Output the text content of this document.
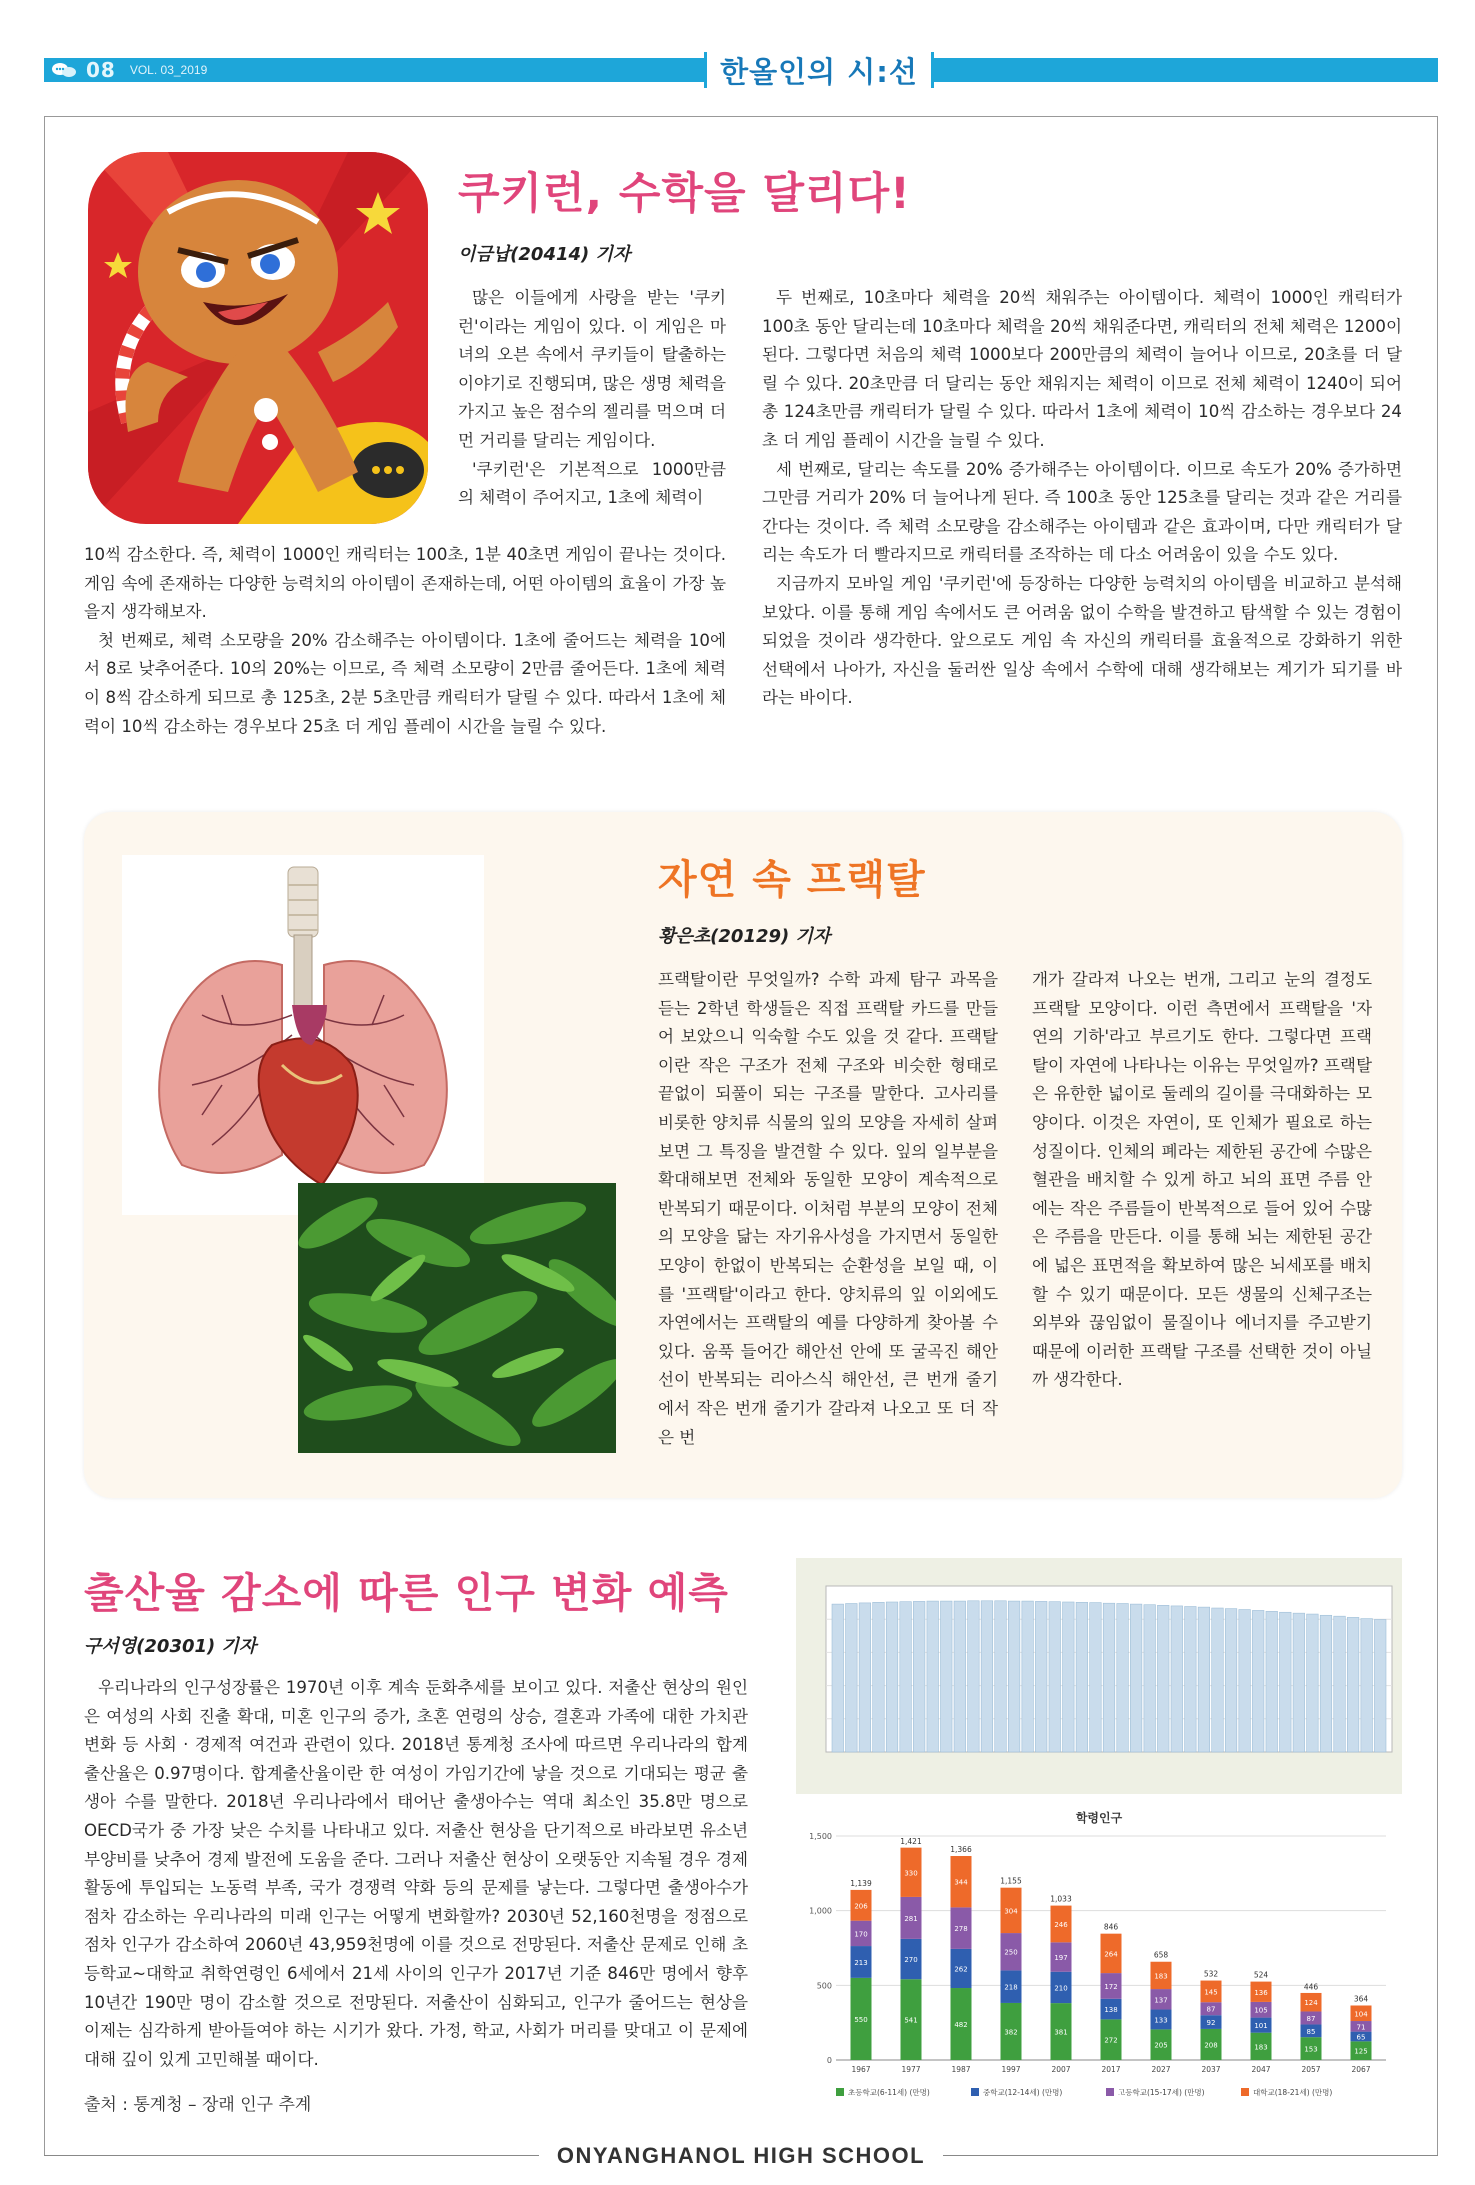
08 VOL. 03_2019	한올인의 시:선
쿠키런, 수학을 달리다!
이금납(20414) 기자

많은 이들에게 사랑을 받는 '쿠키런'이라는 게임이 있다. 이 게임은 마녀의 오븐 속에서 쿠키들이 탈출하는 이야기로 진행되며, 많은 생명 체력을 가지고 높은 점수의 젤리를 먹으며 더 먼 거리를 달리는 게임이다.

'쿠키런'은 기본적으로 1000만큼의 체력이 주어지고, 1초에 체력이

10씩 감소한다. 즉, 체력이 1000인 캐릭터는 100초, 1분 40초면 게임이 끝나는 것이다. 게임 속에 존재하는 다양한 능력치의 아이템이 존재하는데, 어떤 아이템의 효율이 가장 높을지 생각해보자.

첫 번째로, 체력 소모량을 20% 감소해주는 아이템이다. 1초에 줄어드는 체력을 10에서 8로 낮추어준다. 10의 20%는 이므로, 즉 체력 소모량이 2만큼 줄어든다. 1초에 체력이 8씩 감소하게 되므로 총 125초, 2분 5초만큼 캐릭터가 달릴 수 있다. 따라서 1초에 체력이 10씩 감소하는 경우보다 25초 더 게임 플레이 시간을 늘릴 수 있다.

두 번째로, 10초마다 체력을 20씩 채워주는 아이템이다. 체력이 1000인 캐릭터가 100초 동안 달리는데 10초마다 체력을 20씩 채워준다면, 캐릭터의 전체 체력은 1200이 된다. 그렇다면 처음의 체력 1000보다 200만큼의 체력이 늘어나 이므로, 20초를 더 달릴 수 있다. 20초만큼 더 달리는 동안 채워지는 체력이 이므로 전체 체력이 1240이 되어 총 124초만큼 캐릭터가 달릴 수 있다. 따라서 1초에 체력이 10씩 감소하는 경우보다 24초 더 게임 플레이 시간을 늘릴 수 있다.

세 번째로, 달리는 속도를 20% 증가해주는 아이템이다. 이므로 속도가 20% 증가하면 그만큼 거리가 20% 더 늘어나게 된다. 즉 100초 동안 125초를 달리는 것과 같은 거리를 간다는 것이다. 즉 체력 소모량을 감소해주는 아이템과 같은 효과이며, 다만 캐릭터가 달리는 속도가 더 빨라지므로 캐릭터를 조작하는 데 다소 어려움이 있을 수도 있다.

지금까지 모바일 게임 '쿠키런'에 등장하는 다양한 능력치의 아이템을 비교하고 분석해보았다. 이를 통해 게임 속에서도 큰 어려움 없이 수학을 발견하고 탐색할 수 있는 경험이 되었을 것이라 생각한다. 앞으로도 게임 속 자신의 캐릭터를 효율적으로 강화하기 위한 선택에서 나아가, 자신을 둘러싼 일상 속에서 수학에 대해 생각해보는 계기가 되기를 바라는 바이다.

자연 속 프랙탈
황은초(20129) 기자

프랙탈이란 무엇일까? 수학 과제 탐구 과목을 듣는 2학년 학생들은 직접 프랙탈 카드를 만들어 보았으니 익숙할 수도 있을 것 같다. 프랙탈이란 작은 구조가 전체 구조와 비슷한 형태로 끝없이 되풀이 되는 구조를 말한다. 고사리를 비롯한 양치류 식물의 잎의 모양을 자세히 살펴보면 그 특징을 발견할 수 있다. 잎의 일부분을 확대해보면 전체와 동일한 모양이 계속적으로 반복되기 때문이다. 이처럼 부분의 모양이 전체의 모양을 닮는 자기유사성을 가지면서 동일한 모양이 한없이 반복되는 순환성을 보일 때, 이를 '프랙탈'이라고 한다. 양치류의 잎 이외에도 자연에서는 프랙탈의 예를 다양하게 찾아볼 수 있다. 움푹 들어간 해안선 안에 또 굴곡진 해안선이 반복되는 리아스식 해안선, 큰 번개 줄기에서 작은 번개 줄기가 갈라져 나오고 또 더 작은 번

개가 갈라져 나오는 번개, 그리고 눈의 결정도 프랙탈 모양이다. 이런 측면에서 프랙탈을 '자연의 기하'라고 부르기도 한다. 그렇다면 프랙탈이 자연에 나타나는 이유는 무엇일까? 프랙탈은 유한한 넓이로 둘레의 길이를 극대화하는 모양이다. 이것은 자연이, 또 인체가 필요로 하는 성질이다. 인체의 폐라는 제한된 공간에 수많은 혈관을 배치할 수 있게 하고 뇌의 표면 주름 안에는 작은 주름들이 반복적으로 들어 있어 수많은 주름을 만든다. 이를 통해 뇌는 제한된 공간에 넓은 표면적을 확보하여 많은 뇌세포를 배치할 수 있기 때문이다. 모든 생물의 신체구조는 외부와 끊임없이 물질이나 에너지를 주고받기 때문에 이러한 프랙탈 구조를 선택한 것이 아닐까 생각한다.

출산율 감소에 따른 인구 변화 예측
구서영(20301) 기자

우리나라의 인구성장률은 1970년 이후 계속 둔화추세를 보이고 있다. 저출산 현상의 원인은 여성의 사회 진출 확대, 미혼 인구의 증가, 초혼 연령의 상승, 결혼과 가족에 대한 가치관 변화 등 사회 · 경제적 여건과 관련이 있다. 2018년 통계청 조사에 따르면 우리나라의 합계출산율은 0.97명이다. 합계출산율이란 한 여성이 가임기간에 낳을 것으로 기대되는 평균 출생아 수를 말한다. 2018년 우리나라에서 태어난 출생아수는 역대 최소인 35.8만 명으로 OECD국가 중 가장 낮은 수치를 나타내고 있다. 저출산 현상을 단기적으로 바라보면 유소년 부양비를 낮추어 경제 발전에 도움을 준다. 그러나 저출산 현상이 오랫동안 지속될 경우 경제 활동에 투입되는 노동력 부족, 국가 경쟁력 약화 등의 문제를 낳는다. 그렇다면 출생아수가 점차 감소하는 우리나라의 미래 인구는 어떻게 변화할까? 2030년 52,160천명을 정점으로 점차 인구가 감소하여 2060년 43,959천명에 이를 것으로 전망된다. 저출산 문제로 인해 초등학교~대학교 취학연령인 6세에서 21세 사이의 인구가 2017년 기준 846만 명에서 향후 10년간 190만 명이 감소할 것으로 전망된다. 저출산이 심화되고, 인구가 줄어드는 현상을 이제는 심각하게 받아들여야 하는 시기가 왔다. 가정, 학교, 사회가 머리를 맞대고 이 문제에 대해 깊이 있게 고민해볼 때이다.

출처 : 통계청 – 장래 인구 추계
학령인구
0
500
1,000
1,500
550
213
170
206
1,139
1967
541
270
281
330
1,421
1977
482
262
278
344
1,366
1987
382
218
250
304
1,155
1997
381
210
197
246
1,033
2007
272
138
172
264
846
2017
205
133
137
183
658
2027
208
92
87
145
532
2037
183
101
105
136
524
2047
153
85
87
124
446
2057
125
65
71
104
364
2067
초등학교(6-11세) (만명)	중학교(12-14세) (만명)	고등학교(15-17세) (만명)	대학교(18-21세) (만명)
ONYANGHANOL HIGH SCHOOL
